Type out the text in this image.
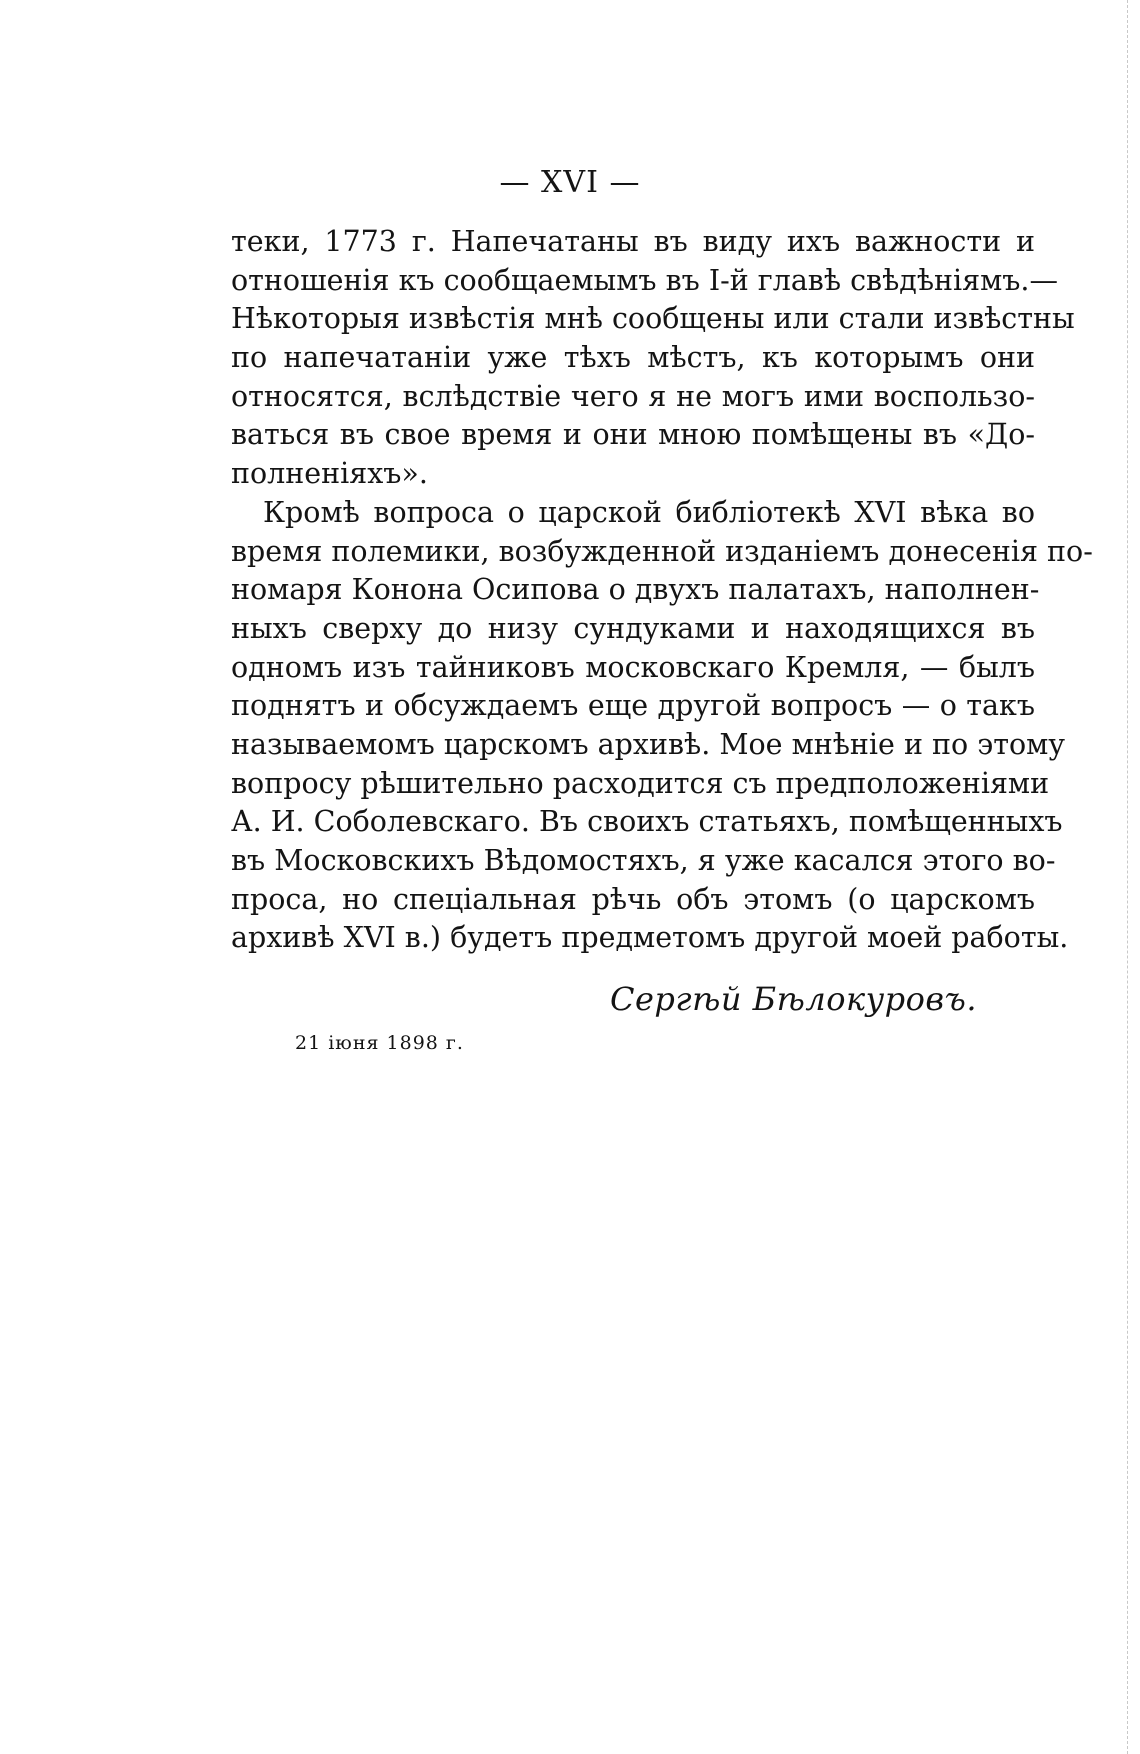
— XVI —
теки, 1773 г. Напечатаны въ виду ихъ важности и
отношенія къ сообщаемымъ въ I-й главѣ свѣдѣніямъ.—
Нѣкоторыя извѣстія мнѣ сообщены или стали извѣстны
по напечатаніи уже тѣхъ мѣстъ, къ которымъ они
относятся, вслѣдствіе чего я не могъ ими воспользо-
ваться въ свое время и они мною помѣщены въ «До-
полненіяхъ».
Кромѣ вопроса о царской библіотекѣ XVI вѣка во
время полемики, возбужденной изданіемъ донесенія по-
номаря Конона Осипова о двухъ палатахъ, наполнен-
ныхъ сверху до низу сундуками и находящихся въ
одномъ изъ тайниковъ московскаго Кремля, — былъ
поднятъ и обсуждаемъ еще другой вопросъ — о такъ
называемомъ царскомъ архивѣ. Мое мнѣніе и по этому
вопросу рѣшительно расходится съ предположеніями
А. И. Соболевскаго. Въ своихъ статьяхъ, помѣщенныхъ
въ Московскихъ Вѣдомостяхъ, я уже касался этого во-
проса, но спеціальная рѣчь объ этомъ (о царскомъ
архивѣ XVI в.) будетъ предметомъ другой моей работы.
Сергѣй Бѣлокуровъ.
21 іюня 1898 г.
